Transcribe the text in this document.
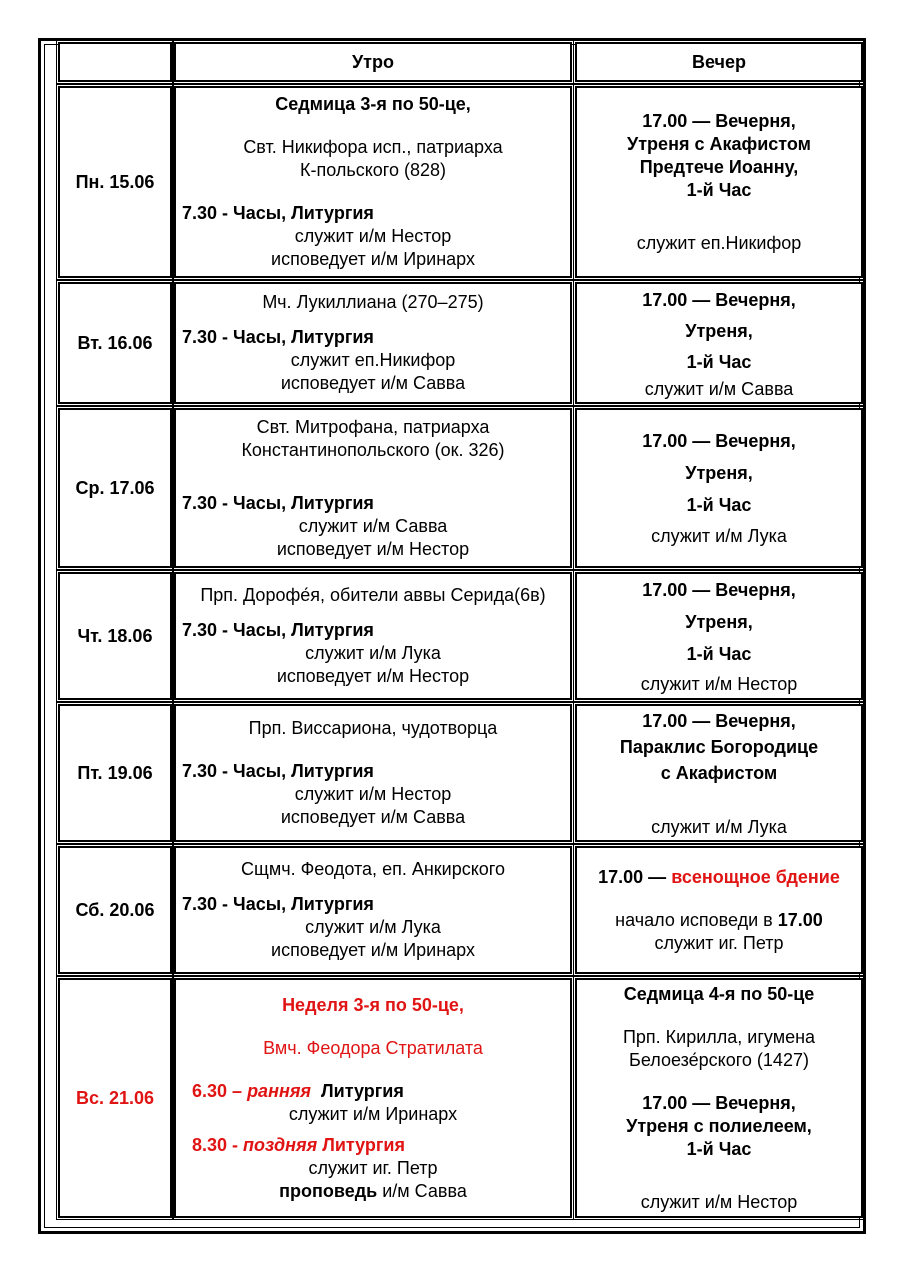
Утро	Вечер
Пн. 15.06
Седмица 3-я по 50-це,
Свт. Никифора исп., патриарха
К-польского (828)
7.30 - Часы, Литургия
служит и/м Нестор
исповедует и/м Иринарх
17.00 — Вечерня,
Утреня с Акафистом
Предтече Иоанну,
1-й Час
служит еп.Никифор
Вт. 16.06
Мч. Лукиллиана (270–275)
7.30 - Часы, Литургия
служит еп.Никифор
исповедует и/м Савва
17.00 — Вечерня,
Утреня,
1-й Час
служит и/м Савва
Ср. 17.06
Свт. Митрофана, патриарха
Константинопольского (ок. 326)
7.30 - Часы, Литургия
служит и/м Савва
исповедует и/м Нестор
17.00 — Вечерня,
Утреня,
1-й Час
служит и/м Лука
Чт. 18.06
Прп. Дорофе́я, обители аввы Серида(6в)
7.30 - Часы, Литургия
служит и/м Лука
исповедует и/м Нестор
17.00 — Вечерня,
Утреня,
1-й Час
служит и/м Нестор
Пт. 19.06
Прп. Виссариона, чудотворца
7.30 - Часы, Литургия
служит и/м Нестор
исповедует и/м Савва
17.00 — Вечерня,
Параклис Богородице
с Акафистом
служит и/м Лука
Сб. 20.06
Сщмч. Феодота, еп. Анкирского
7.30 - Часы, Литургия
служит и/м Лука
исповедует и/м Иринарх
17.00 — всенощное бдение
начало исповеди в 17.00
служит иг. Петр
Вс. 21.06
Неделя 3-я по 50-це,
Вмч. Феодора Стратилата
6.30 – ранняя Литургия
служит и/м Иринарх
8.30 - поздняя Литургия
служит иг. Петр
проповедь и/м Савва
Седмица 4-я по 50-це
Прп. Кирилла, игумена
Белоезе́рского (1427)
17.00 — Вечерня,
Утреня с полиелеем,
1-й Час
служит и/м Нестор
